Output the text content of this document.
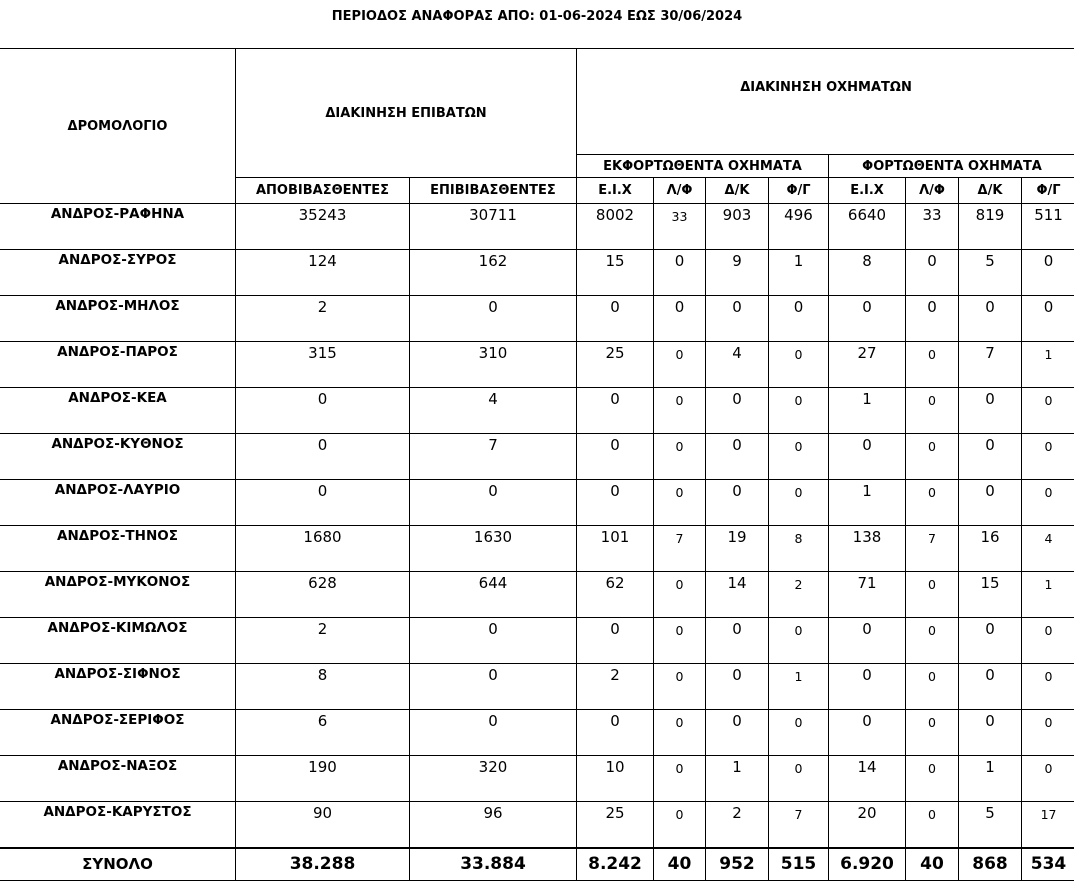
ΠΕΡΙΟΔΟΣ ΑΝΑΦΟΡΑΣ ΑΠΟ: 01-06-2024 ΕΩΣ 30/06/2024
ΔΡΟΜΟΛΟΓΙΟ	ΔΙΑΚΙΝΗΣΗ ΕΠΙΒΑΤΩΝ		ΔΙΑΚΙΝΗΣΗ ΟΧΗΜΑΤΩΝ							
			ΕΚΦΟΡΤΩΘΕΝΤΑ ΟΧΗΜΑΤΑ				ΦΟΡΤΩΘΕΝΤΑ ΟΧΗΜΑΤΑ			
	ΑΠΟΒΙΒΑΣΘΕΝΤΕΣ	ΕΠΙΒΙΒΑΣΘΕΝΤΕΣ	Ε.Ι.Χ	Λ/Φ	Δ/Κ	Φ/Γ	Ε.Ι.Χ	Λ/Φ	Δ/Κ	Φ/Γ
ΑΝΔΡΟΣ-ΡΑΦΗΝΑ	35243	30711	8002	33	903	496	6640	33	819	511
ΑΝΔΡΟΣ-ΣΥΡΟΣ	124	162	15	0	9	1	8	0	5	0
ΑΝΔΡΟΣ-ΜΗΛΟΣ	2	0	0	0	0	0	0	0	0	0
ΑΝΔΡΟΣ-ΠΑΡΟΣ	315	310	25	0	4	0	27	0	7	1
ΑΝΔΡΟΣ-ΚΕΑ	0	4	0	0	0	0	1	0	0	0
ΑΝΔΡΟΣ-ΚΥΘΝΟΣ	0	7	0	0	0	0	0	0	0	0
ΑΝΔΡΟΣ-ΛΑΥΡΙΟ	0	0	0	0	0	0	1	0	0	0
ΑΝΔΡΟΣ-ΤΗΝΟΣ	1680	1630	101	7	19	8	138	7	16	4
ΑΝΔΡΟΣ-ΜΥΚΟΝΟΣ	628	644	62	0	14	2	71	0	15	1
ΑΝΔΡΟΣ-ΚΙΜΩΛΟΣ	2	0	0	0	0	0	0	0	0	0
ΑΝΔΡΟΣ-ΣΙΦΝΟΣ	8	0	2	0	0	1	0	0	0	0
ΑΝΔΡΟΣ-ΣΕΡΙΦΟΣ	6	0	0	0	0	0	0	0	0	0
ΑΝΔΡΟΣ-ΝΑΞΟΣ	190	320	10	0	1	0	14	0	1	0
ΑΝΔΡΟΣ-ΚΑΡΥΣΤΟΣ	90	96	25	0	2	7	20	0	5	17
ΣΥΝΟΛΟ	38.288	33.884	8.242	40	952	515	6.920	40	868	534
